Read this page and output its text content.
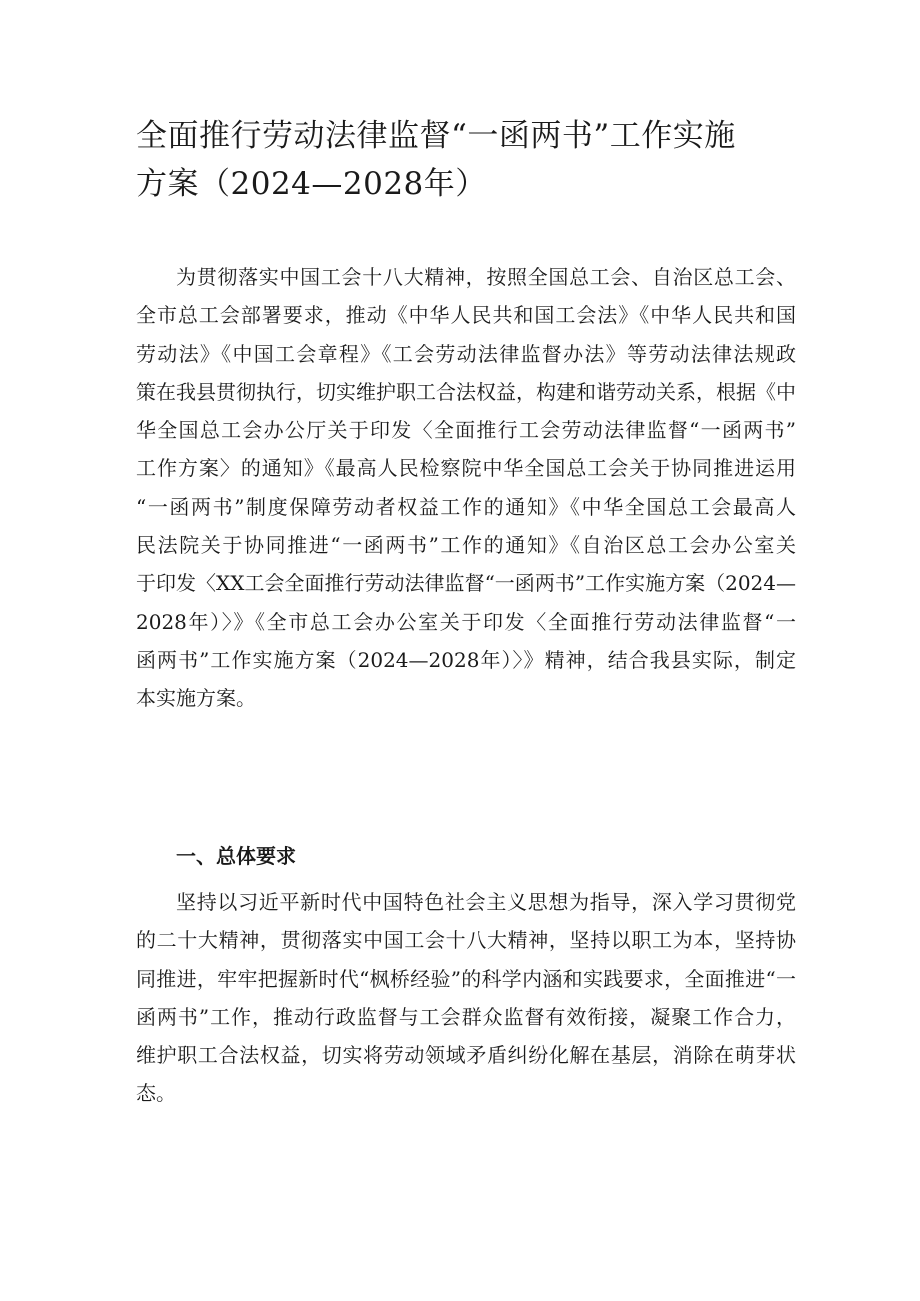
全面推行劳动法律监督“一函两书”工作实施
方案（2024—2028年）
为贯彻落实中国工会十八大精神，按照全国总工会、自治区总工会、
全市总工会部署要求，推动《中华人民共和国工会法》《中华人民共和国
劳动法》《中国工会章程》《工会劳动法律监督办法》等劳动法律法规政
策在我县贯彻执行，切实维护职工合法权益，构建和谐劳动关系，根据《中
华全国总工会办公厅关于印发〈全面推行工会劳动法律监督“一函两书”
工作方案〉的通知》《最高人民检察院中华全国总工会关于协同推进运用
“一函两书”制度保障劳动者权益工作的通知》《中华全国总工会最高人
民法院关于协同推进“一函两书”工作的通知》《自治区总工会办公室关
于印发〈XX工会全面推行劳动法律监督“一函两书”工作实施方案（2024—
2028年）〉》《全市总工会办公室关于印发〈全面推行劳动法律监督“一
函两书”工作实施方案（2024—2028年）〉》精神，结合我县实际，制定
本实施方案。
一、总体要求
坚持以习近平新时代中国特色社会主义思想为指导，深入学习贯彻党
的二十大精神，贯彻落实中国工会十八大精神，坚持以职工为本，坚持协
同推进，牢牢把握新时代“枫桥经验”的科学内涵和实践要求，全面推进“一
函两书”工作，推动行政监督与工会群众监督有效衔接，凝聚工作合力，
维护职工合法权益，切实将劳动领域矛盾纠纷化解在基层，消除在萌芽状
态。
